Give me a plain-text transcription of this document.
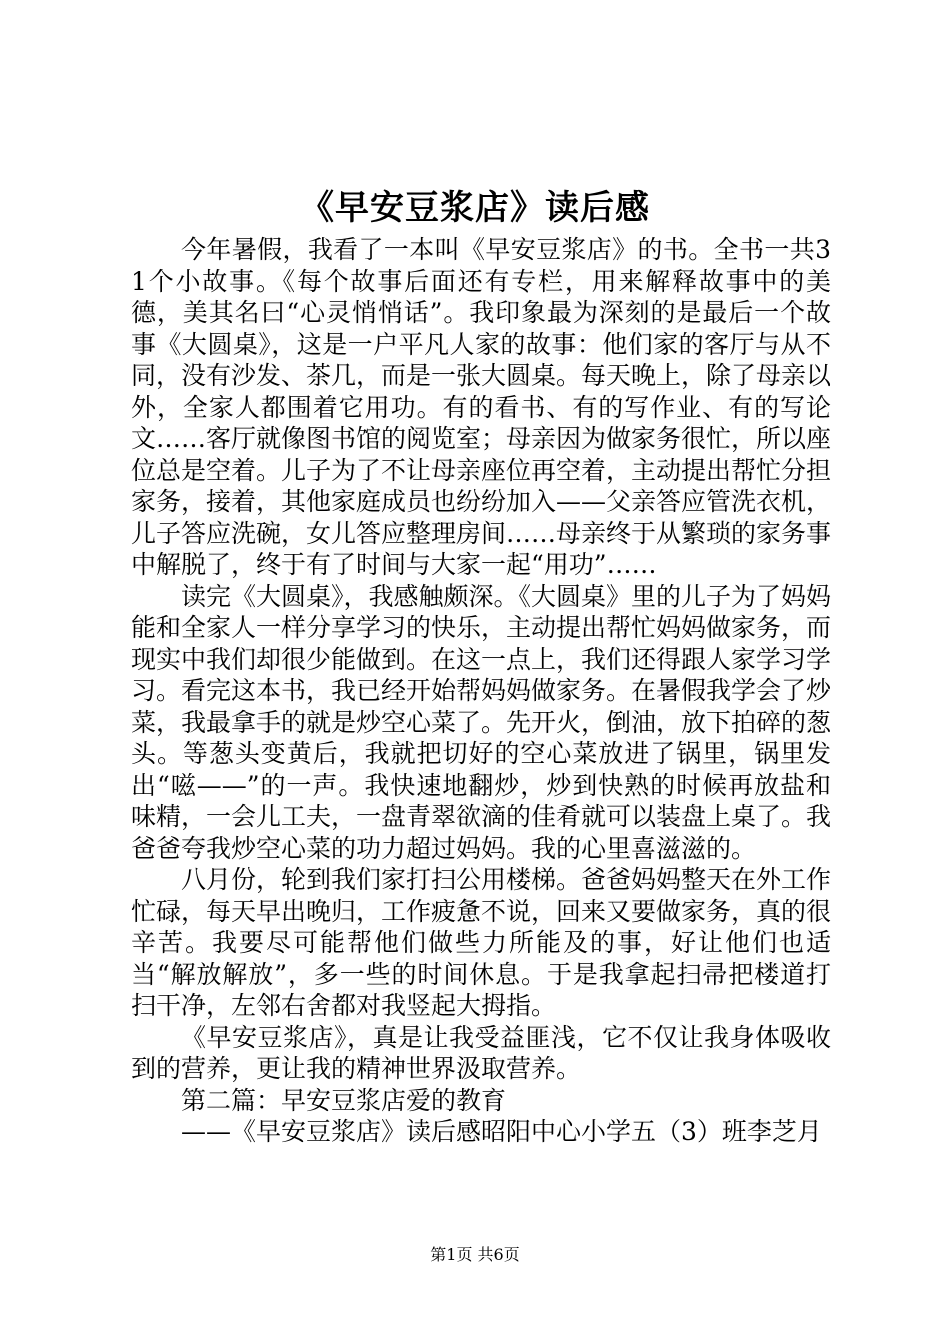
《早安豆浆店》读后感

今年暑假，我看了一本叫《早安豆浆店》的书。全书一共31个小故事。《每个故事后面还有专栏，用来解释故事中的美德，美其名曰“心灵悄悄话”。我印象最为深刻的是最后一个故事《大圆桌》，这是一户平凡人家的故事：他们家的客厅与从不同，没有沙发、茶几，而是一张大圆桌。每天晚上，除了母亲以外，全家人都围着它用功。有的看书、有的写作业、有的写论文……客厅就像图书馆的阅览室；母亲因为做家务很忙，所以座位总是空着。儿子为了不让母亲座位再空着，主动提出帮忙分担家务，接着，其他家庭成员也纷纷加入——父亲答应管洗衣机，儿子答应洗碗，女儿答应整理房间……母亲终于从繁琐的家务事中解脱了，终于有了时间与大家一起“用功”……

读完《大圆桌》，我感触颇深。《大圆桌》里的儿子为了妈妈能和全家人一样分享学习的快乐，主动提出帮忙妈妈做家务，而现实中我们却很少能做到。在这一点上，我们还得跟人家学习学习。看完这本书，我已经开始帮妈妈做家务。在暑假我学会了炒菜，我最拿手的就是炒空心菜了。先开火，倒油，放下拍碎的葱头。等葱头变黄后，我就把切好的空心菜放进了锅里，锅里发出“嗞——”的一声。我快速地翻炒，炒到快熟的时候再放盐和味精，一会儿工夫，一盘青翠欲滴的佳肴就可以装盘上桌了。我爸爸夸我炒空心菜的功力超过妈妈。我的心里喜滋滋的。

八月份，轮到我们家打扫公用楼梯。爸爸妈妈整天在外工作忙碌，每天早出晚归，工作疲惫不说，回来又要做家务，真的很辛苦。我要尽可能帮他们做些力所能及的事，好让他们也适当“解放解放”，多一些的时间休息。于是我拿起扫帚把楼道打扫干净，左邻右舍都对我竖起大拇指。

《早安豆浆店》，真是让我受益匪浅，它不仅让我身体吸收到的营养，更让我的精神世界汲取营养。

第二篇：早安豆浆店爱的教育

——《早安豆浆店》读后感昭阳中心小学五（3）班李芝月

第1页 共6页
